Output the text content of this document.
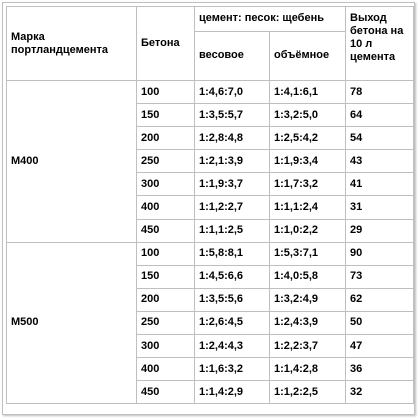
Марка портландцемента	Бетона	цемент: песок: щебень		Выход бетона на 10 л цемента
		весовое	объёмное	
М400	100	1:4,6:7,0	1:4,1:6,1	78
	150	1:3,5:5,7	1:3,2:5,0	64
	200	1:2,8:4,8	1:2,5:4,2	54
	250	1:2,1:3,9	1:1,9:3,4	43
	300	1:1,9:3,7	1:1,7:3,2	41
	400	1:1,2:2,7	1:1,1:2,4	31
	450	1:1,1:2,5	1:1,0:2,2	29
М500	100	1:5,8:8,1	1:5,3:7,1	90
	150	1:4,5:6,6	1:4,0:5,8	73
	200	1:3,5:5,6	1:3,2:4,9	62
	250	1:2,6:4,5	1:2,4:3,9	50
	300	1:2,4:4,3	1:2,2:3,7	47
	400	1:1,6:3,2	1:1,4:2,8	36
	450	1:1,4:2,9	1:1,2:2,5	32
